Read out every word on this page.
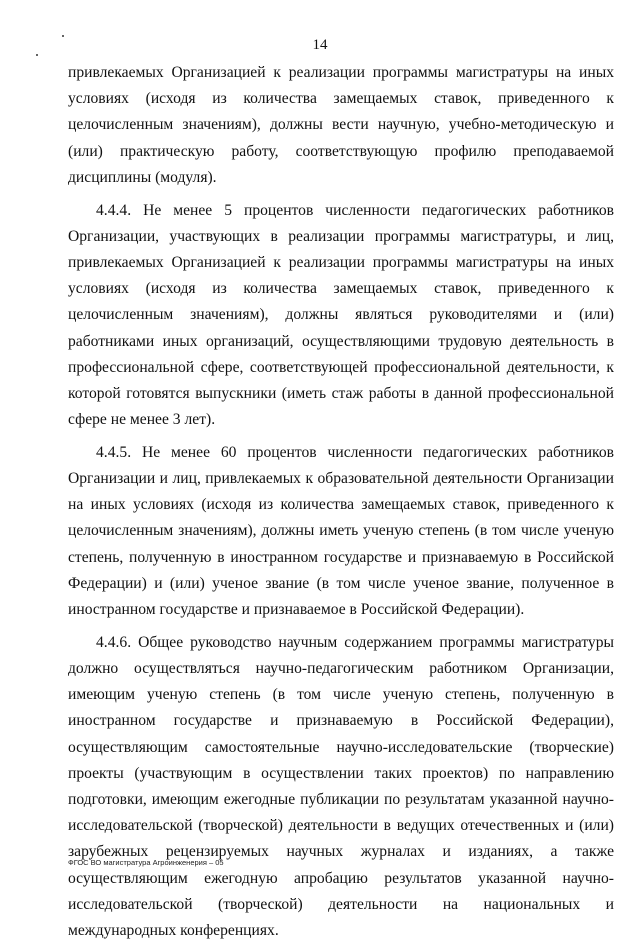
14

привлекаемых Организацией к реализации программы магистратуры на иных условиях (исходя из количества замещаемых ставок, приведенного к целочисленным значениям), должны вести научную, учебно-методическую и (или) практическую работу, соответствующую профилю преподаваемой дисциплины (модуля).

4.4.4. Не менее 5 процентов численности педагогических работников Организации, участвующих в реализации программы магистратуры, и лиц, привлекаемых Организацией к реализации программы магистратуры на иных условиях (исходя из количества замещаемых ставок, приведенного к целочисленным значениям), должны являться руководителями и (или) работниками иных организаций, осуществляющими трудовую деятельность в профессиональной сфере, соответствующей профессиональной деятельности, к которой готовятся выпускники (иметь стаж работы в данной профессиональной сфере не менее 3 лет).

4.4.5. Не менее 60 процентов численности педагогических работников Организации и лиц, привлекаемых к образовательной деятельности Организации на иных условиях (исходя из количества замещаемых ставок, приведенного к целочисленным значениям), должны иметь ученую степень (в том числе ученую степень, полученную в иностранном государстве и признаваемую в Российской Федерации) и (или) ученое звание (в том числе ученое звание, полученное в иностранном государстве и признаваемое в Российской Федерации).

4.4.6. Общее руководство научным содержанием программы магистратуры должно осуществляться научно-педагогическим работником Организации, имеющим ученую степень (в том числе ученую степень, полученную в иностранном государстве и признаваемую в Российской Федерации), осуществляющим самостоятельные научно-исследовательские (творческие) проекты (участвующим в осуществлении таких проектов) по направлению подготовки, имеющим ежегодные публикации по результатам указанной научно-исследовательской (творческой) деятельности в ведущих отечественных и (или) зарубежных рецензируемых научных журналах и изданиях, а также осуществляющим ежегодную апробацию результатов указанной научно-исследовательской (творческой) деятельности на национальных и международных конференциях.

ФГОС ВО магистратура Агроинженерия – 05
